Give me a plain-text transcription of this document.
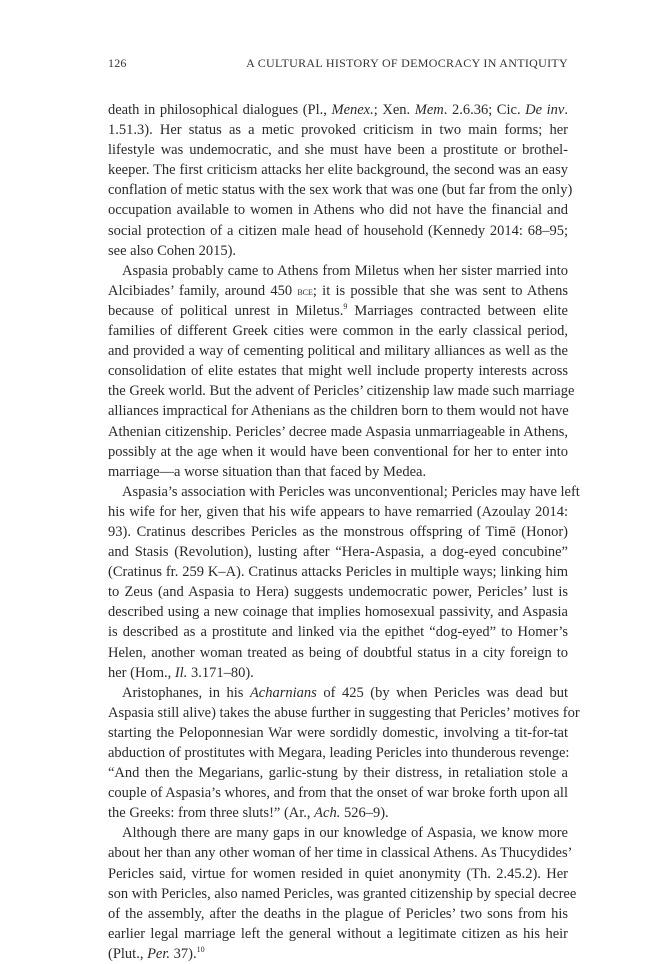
126	A CULTURAL HISTORY OF DEMOCRACY IN ANTIQUITY
death in philosophical dialogues (Pl., Menex.; Xen. Mem. 2.6.36; Cic. De inv.
1.51.3). Her status as a metic provoked criticism in two main forms; her
lifestyle was undemocratic, and she must have been a prostitute or brothel-
keeper. The first criticism attacks her elite background, the second was an easy
conflation of metic status with the sex work that was one (but far from the only)
occupation available to women in Athens who did not have the financial and
social protection of a citizen male head of household (Kennedy 2014: 68–95;
see also Cohen 2015).
Aspasia probably came to Athens from Miletus when her sister married into
Alcibiades’ family, around 450 bce; it is possible that she was sent to Athens
because of political unrest in Miletus.$^9$ Marriages contracted between elite
families of different Greek cities were common in the early classical period,
and provided a way of cementing political and military alliances as well as the
consolidation of elite estates that might well include property interests across
the Greek world. But the advent of Pericles’ citizenship law made such marriage
alliances impractical for Athenians as the children born to them would not have
Athenian citizenship. Pericles’ decree made Aspasia unmarriageable in Athens,
possibly at the age when it would have been conventional for her to enter into
marriage—a worse situation than that faced by Medea.
Aspasia’s association with Pericles was unconventional; Pericles may have left
his wife for her, given that his wife appears to have remarried (Azoulay 2014:
93). Cratinus describes Pericles as the monstrous offspring of Timē (Honor)
and Stasis (Revolution), lusting after “Hera-Aspasia, a dog-eyed concubine”
(Cratinus fr. 259 K–A). Cratinus attacks Pericles in multiple ways; linking him
to Zeus (and Aspasia to Hera) suggests undemocratic power, Pericles’ lust is
described using a new coinage that implies homosexual passivity, and Aspasia
is described as a prostitute and linked via the epithet “dog-eyed” to Homer’s
Helen, another woman treated as being of doubtful status in a city foreign to
her (Hom., Il. 3.171–80).
Aristophanes, in his Acharnians of 425 (by when Pericles was dead but
Aspasia still alive) takes the abuse further in suggesting that Pericles’ motives for
starting the Peloponnesian War were sordidly domestic, involving a tit-for-tat
abduction of prostitutes with Megara, leading Pericles into thunderous revenge:
“And then the Megarians, garlic-stung by their distress, in retaliation stole a
couple of Aspasia’s whores, and from that the onset of war broke forth upon all
the Greeks: from three sluts!” (Ar., Ach. 526–9).
Although there are many gaps in our knowledge of Aspasia, we know more
about her than any other woman of her time in classical Athens. As Thucydides’
Pericles said, virtue for women resided in quiet anonymity (Th. 2.45.2). Her
son with Pericles, also named Pericles, was granted citizenship by special decree
of the assembly, after the deaths in the plague of Pericles’ two sons from his
earlier legal marriage left the general without a legitimate citizen as his heir
(Plut., Per. 37).$^{10}$
